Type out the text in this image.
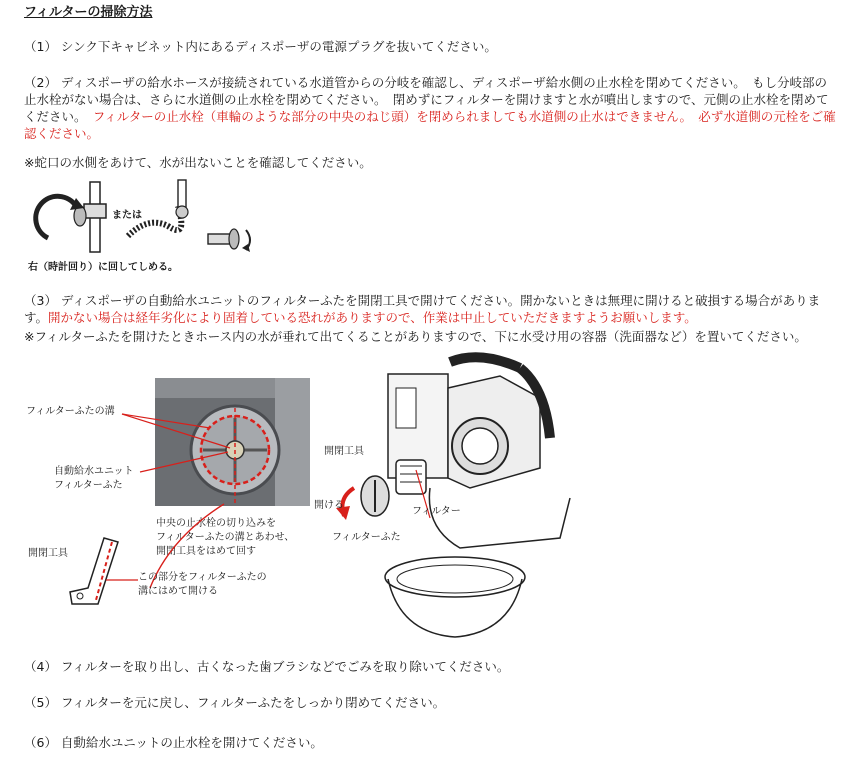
フィルターの掃除方法
（1） シンク下キャビネット内にあるディスポーザの電源プラグを抜いてください。
（2） ディスポーザの給水ホースが接続されている水道管からの分岐を確認し、ディスポーザ給水側の止水栓を閉めてください。　もし分岐部の止水栓がない場合は、さらに水道側の止水栓を閉めてください。　閉めずにフィルターを開けますと水が噴出しますので、元側の止水栓を閉めてください。　フィルターの止水栓（車輪のような部分の中央のねじ頭）を閉められましても水道側の止水はできません。　必ず水道側の元栓をご確認ください。
※蛇口の水側をあけて、水が出ないことを確認してください。
または
右（時計回り）に回してしめる。
（3） ディスポーザの自動給水ユニットのフィルターふたを開閉工具で開けてください。開かないときは無理に開けると破損する場合があります。開かない場合は経年劣化により固着している恐れがありますので、作業は中止していただきますようお願いします。
※フィルターふたを開けたときホース内の水が垂れて出てくることがありますので、下に水受け用の容器（洗面器など）を置いてください。
フィルターふたの溝
自動給水ユニット
フィルターふた
中央の止水栓の切り込みを
フィルターふたの溝とあわせ、
開閉工具をはめて回す
開閉工具
この部分をフィルターふたの
溝にはめて開ける
開閉工具
開ける
フィルターふた
フィルター
（4） フィルターを取り出し、古くなった歯ブラシなどでごみを取り除いてください。
（5） フィルターを元に戻し、フィルターふたをしっかり閉めてください。
（6） 自動給水ユニットの止水栓を開けてください。
